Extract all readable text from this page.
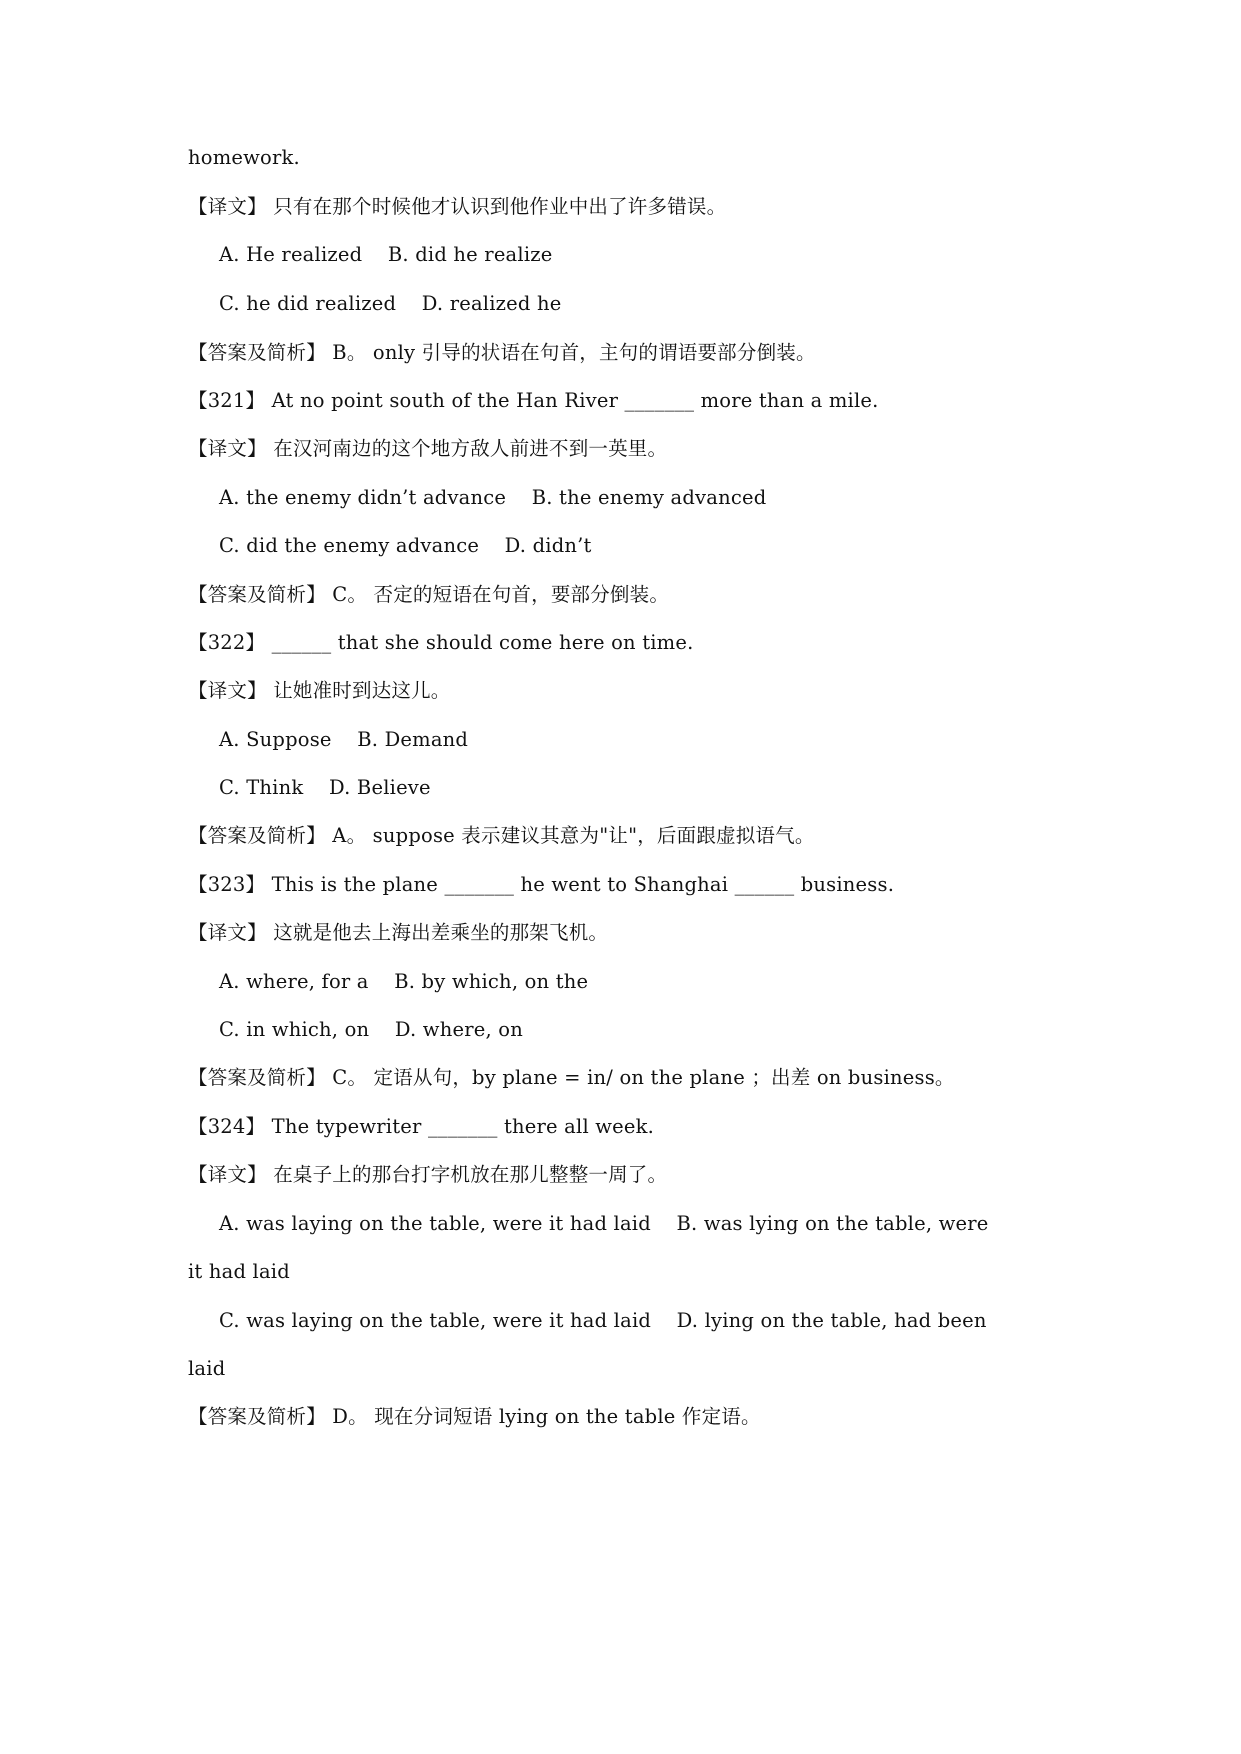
homework.
【译文】 只有在那个时候他才认识到他作业中出了许多错误。
A. He realized    B. did he realize
C. he did realized    D. realized he
【答案及简析】 B。 only 引导的状语在句首，主句的谓语要部分倒装。
【321】 At no point south of the Han River _______ more than a mile.
【译文】 在汉河南边的这个地方敌人前进不到一英里。
A. the enemy didn’t advance    B. the enemy advanced
C. did the enemy advance    D. didn’t
【答案及简析】 C。 否定的短语在句首，要部分倒装。
【322】 ______ that she should come here on time.
【译文】 让她准时到达这儿。
A. Suppose    B. Demand
C. Think    D. Believe
【答案及简析】 A。 suppose 表示建议其意为"让"，后面跟虚拟语气。
【323】 This is the plane _______ he went to Shanghai ______ business.
【译文】 这就是他去上海出差乘坐的那架飞机。
A. where, for a    B. by which, on the
C. in which, on    D. where, on
【答案及简析】 C。 定语从句，by plane = in/ on the plane ；出差 on business。
【324】 The typewriter _______ there all week.
【译文】 在桌子上的那台打字机放在那儿整整一周了。
A. was laying on the table, were it had laid    B. was lying on the table, were
it had laid
C. was laying on the table, were it had laid    D. lying on the table, had been
laid
【答案及简析】 D。 现在分词短语 lying on the table 作定语。
